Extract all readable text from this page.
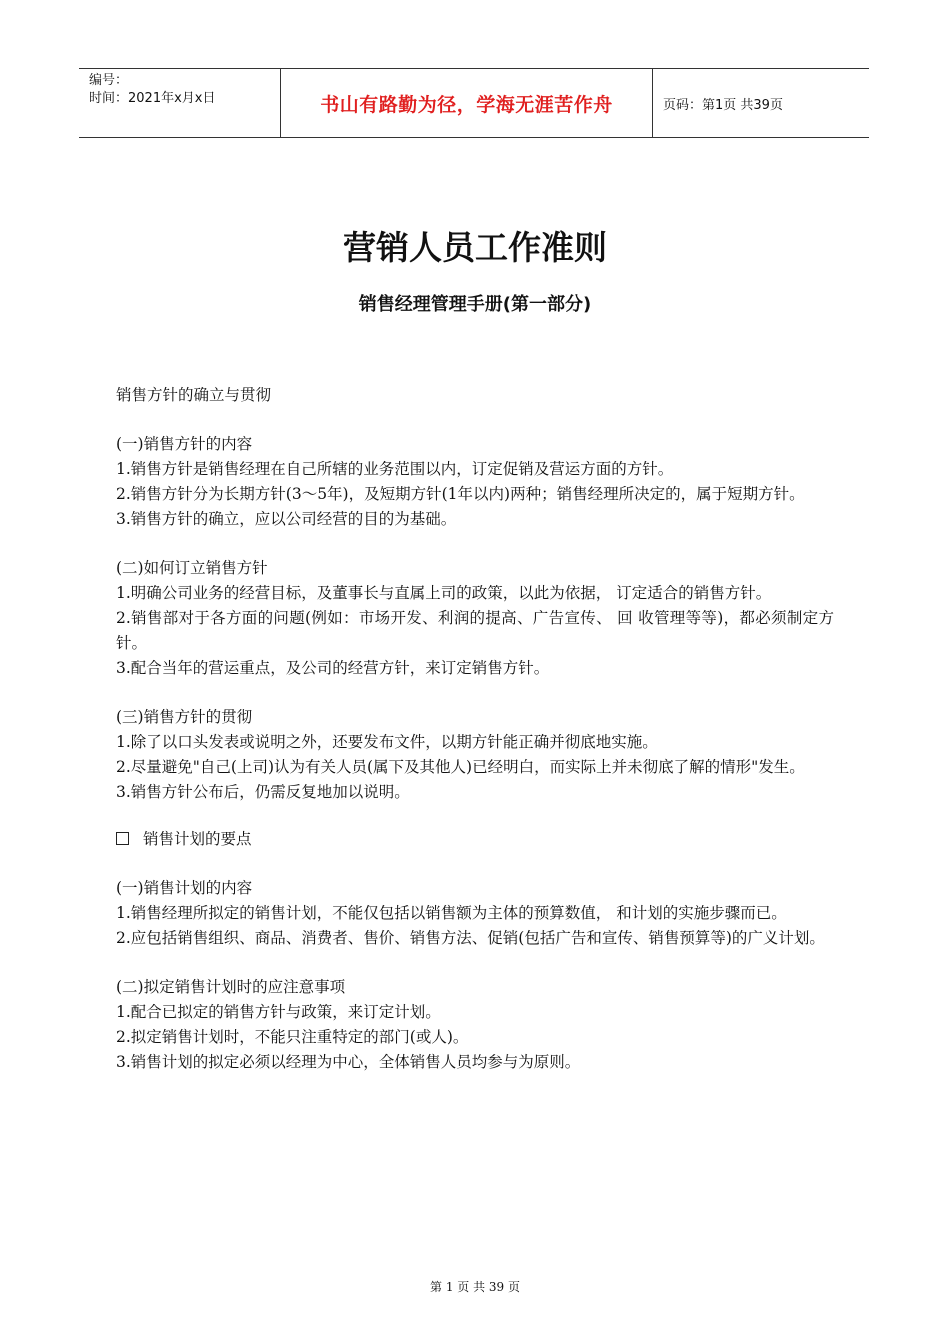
编号：
时间：2021年x月x日	书山有路勤为径，学海无涯苦作舟	页码：第1页 共39页
营销人员工作准则
销售经理管理手册(第一部分)

销售方针的确立与贯彻

(一)销售方针的内容

1.销售方针是销售经理在自己所辖的业务范围以内，订定促销及营运方面的方针。

2.销售方针分为长期方针(3～5年)，及短期方针(1年以内)两种；销售经理所决定的，属于短期方针。

3.销售方针的确立，应以公司经营的目的为基础。

(二)如何订立销售方针

1.明确公司业务的经营目标，及董事长与直属上司的政策，以此为依据， 订定适合的销售方针。

2.销售部对于各方面的问题(例如：市场开发、利润的提高、广告宣传、 回 收管理等等)，都必须制定方针。

3.配合当年的营运重点，及公司的经营方针，来订定销售方针。

(三)销售方针的贯彻

1.除了以口头发表或说明之外，还要发布文件，以期方针能正确并彻底地实施。

2.尽量避免"自己(上司)认为有关人员(属下及其他人)已经明白，而实际上并未彻底了解的情形"发生。

3.销售方针公布后，仍需反复地加以说明。

销售计划的要点

(一)销售计划的内容

1.销售经理所拟定的销售计划，不能仅包括以销售额为主体的预算数值， 和计划的实施步骤而已。

2.应包括销售组织、商品、消费者、售价、销售方法、促销(包括广告和宣传、销售预算等)的广义计划。

(二)拟定销售计划时的应注意事项

1.配合已拟定的销售方针与政策，来订定计划。

2.拟定销售计划时，不能只注重特定的部门(或人)。

3.销售计划的拟定必须以经理为中心，全体销售人员均参与为原则。

第 1 页 共 39 页
